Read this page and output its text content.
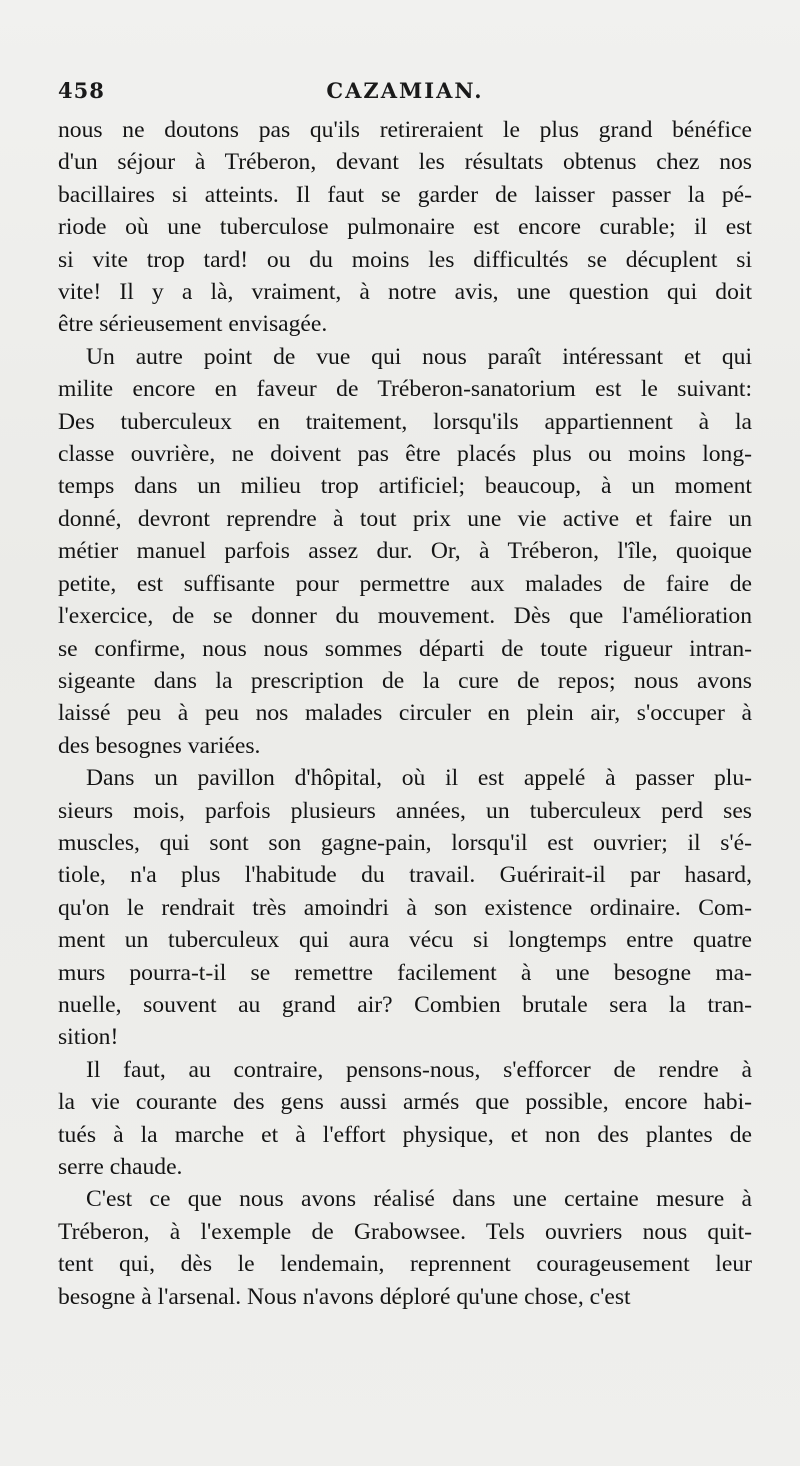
458	CAZAMIAN.

nous ne doutons pas qu'ils retireraient le plus grand bénéfice
d'un séjour à Tréberon, devant les résultats obtenus chez nos
bacillaires si atteints. Il faut se garder de laisser passer la pé-
riode où une tuberculose pulmonaire est encore curable; il est
si vite trop tard! ou du moins les difficultés se décuplent si
vite! Il y a là, vraiment, à notre avis, une question qui doit
être sérieusement envisagée.

Un autre point de vue qui nous paraît intéressant et qui
milite encore en faveur de Tréberon-sanatorium est le suivant:
Des tuberculeux en traitement, lorsqu'ils appartiennent à la
classe ouvrière, ne doivent pas être placés plus ou moins long-
temps dans un milieu trop artificiel; beaucoup, à un moment
donné, devront reprendre à tout prix une vie active et faire un
métier manuel parfois assez dur. Or, à Tréberon, l'île, quoique
petite, est suffisante pour permettre aux malades de faire de
l'exercice, de se donner du mouvement. Dès que l'amélioration
se confirme, nous nous sommes départi de toute rigueur intran-
sigeante dans la prescription de la cure de repos; nous avons
laissé peu à peu nos malades circuler en plein air, s'occuper à
des besognes variées.

Dans un pavillon d'hôpital, où il est appelé à passer plu-
sieurs mois, parfois plusieurs années, un tuberculeux perd ses
muscles, qui sont son gagne-pain, lorsqu'il est ouvrier; il s'é-
tiole, n'a plus l'habitude du travail. Guérirait-il par hasard,
qu'on le rendrait très amoindri à son existence ordinaire. Com-
ment un tuberculeux qui aura vécu si longtemps entre quatre
murs pourra-t-il se remettre facilement à une besogne ma-
nuelle, souvent au grand air? Combien brutale sera la tran-
sition!

Il faut, au contraire, pensons-nous, s'efforcer de rendre à
la vie courante des gens aussi armés que possible, encore habi-
tués à la marche et à l'effort physique, et non des plantes de
serre chaude.

C'est ce que nous avons réalisé dans une certaine mesure à
Tréberon, à l'exemple de Grabowsee. Tels ouvriers nous quit-
tent qui, dès le lendemain, reprennent courageusement leur
besogne à l'arsenal. Nous n'avons déploré qu'une chose, c'est
